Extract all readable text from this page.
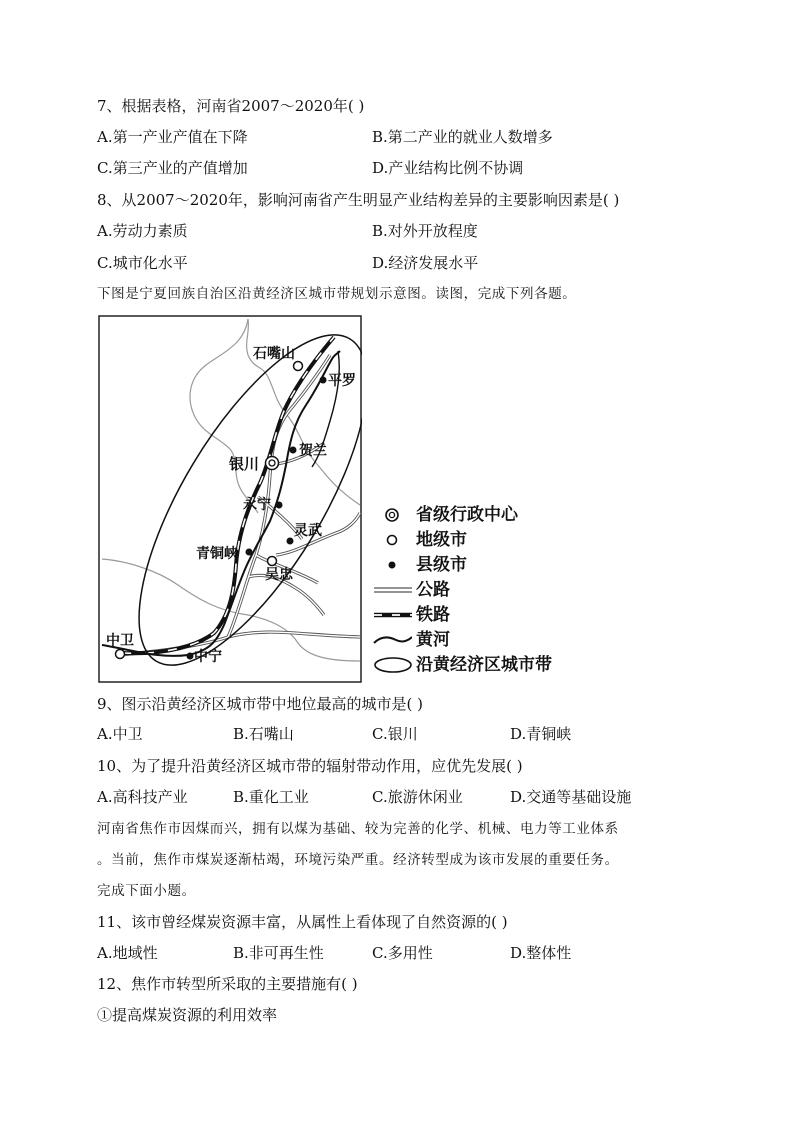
7、根据表格，河南省2007～2020年( )
A.第一产业产值在下降	B.第二产业的就业人数增多
C.第三产业的产值增加	D.产业结构比例不协调
8、从2007～2020年，影响河南省产生明显产业结构差异的主要影响因素是( )
A.劳动力素质	B.对外开放程度
C.城市化水平	D.经济发展水平
下图是宁夏回族自治区沿黄经济区城市带规划示意图。读图，完成下列各题。
石嘴山
平罗
贺兰
银川
永宁
灵武
青铜峡
吴忠
中卫
中宁
省级行政中心
地级市
县级市
公路
铁路
黄河
沿黄经济区城市带
9、图示沿黄经济区城市带中地位最高的城市是( )
A.中卫	B.石嘴山	C.银川	D.青铜峡
10、为了提升沿黄经济区城市带的辐射带动作用，应优先发展( )
A.高科技产业	B.重化工业	C.旅游休闲业	D.交通等基础设施
河南省焦作市因煤而兴，拥有以煤为基础、较为完善的化学、机械、电力等工业体系
。当前，焦作市煤炭逐渐枯竭，环境污染严重。经济转型成为该市发展的重要任务。
完成下面小题。
11、该市曾经煤炭资源丰富，从属性上看体现了自然资源的( )
A.地域性	B.非可再生性	C.多用性	D.整体性
12、焦作市转型所采取的主要措施有( )
①提高煤炭资源的利用效率
